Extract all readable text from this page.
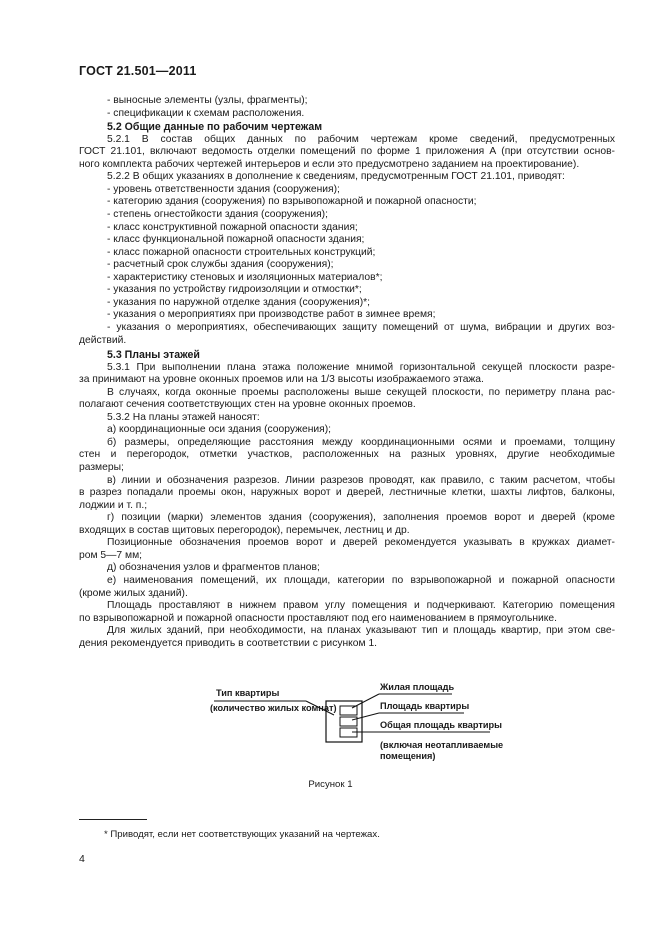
ГОСТ 21.501—2011
- выносные элементы (узлы, фрагменты);
- спецификации к схемам расположения.
5.2 Общие данные по рабочим чертежам
5.2.1 В состав общих данных по рабочим чертежам кроме сведений, предусмотренных
ГОСТ 21.101, включают ведомость отделки помещений по форме 1 приложения А (при отсутствии основ-
ного комплекта рабочих чертежей интерьеров и если это предусмотрено заданием на проектирование).
5.2.2 В общих указаниях в дополнение к сведениям, предусмотренным ГОСТ 21.101, приводят:
- уровень ответственности здания (сооружения);
- категорию здания (сооружения) по взрывопожарной и пожарной опасности;
- степень огнестойкости здания (сооружения);
- класс конструктивной пожарной опасности здания;
- класс функциональной пожарной опасности здания;
- класс пожарной опасности строительных конструкций;
- расчетный срок службы здания (сооружения);
- характеристику стеновых и изоляционных материалов*;
- указания по устройству гидроизоляции и отмостки*;
- указания по наружной отделке здания (сооружения)*;
- указания о мероприятиях при производстве работ в зимнее время;
- указания о мероприятиях, обеспечивающих защиту помещений от шума, вибрации и других воз-
действий.
5.3 Планы этажей
5.3.1 При выполнении плана этажа положение мнимой горизонтальной секущей плоскости разре-
за принимают на уровне оконных проемов или на 1/3 высоты изображаемого этажа.
В случаях, когда оконные проемы расположены выше секущей плоскости, по периметру плана рас-
полагают сечения соответствующих стен на уровне оконных проемов.
5.3.2 На планы этажей наносят:
а) координационные оси здания (сооружения);
б) размеры, определяющие расстояния между координационными осями и проемами, толщину
стен и перегородок, отметки участков, расположенных на разных уровнях, другие необходимые
размеры;
в) линии и обозначения разрезов. Линии разрезов проводят, как правило, с таким расчетом, чтобы
в разрез попадали проемы окон, наружных ворот и дверей, лестничные клетки, шахты лифтов, балконы,
лоджии и т. п.;
г) позиции (марки) элементов здания (сооружения), заполнения проемов ворот и дверей (кроме
входящих в состав щитовых перегородок), перемычек, лестниц и др.
Позиционные обозначения проемов ворот и дверей рекомендуется указывать в кружках диамет-
ром 5—7 мм;
д) обозначения узлов и фрагментов планов;
е) наименования помещений, их площади, категории по взрывопожарной и пожарной опасности
(кроме жилых зданий).
Площадь проставляют в нижнем правом углу помещения и подчеркивают. Категорию помещения
по взрывопожарной и пожарной опасности проставляют под его наименованием в прямоугольнике.
Для жилых зданий, при необходимости, на планах указывают тип и площадь квартир, при этом све-
дения рекомендуется приводить в соответствии с рисунком 1.
Тип квартиры
(количество жилых комнат)
Жилая площадь
Площадь квартиры
Общая площадь квартиры
(включая неотапливаемые
помещения)
Рисунок 1
* Приводят, если нет соответствующих указаний на чертежах.
4
